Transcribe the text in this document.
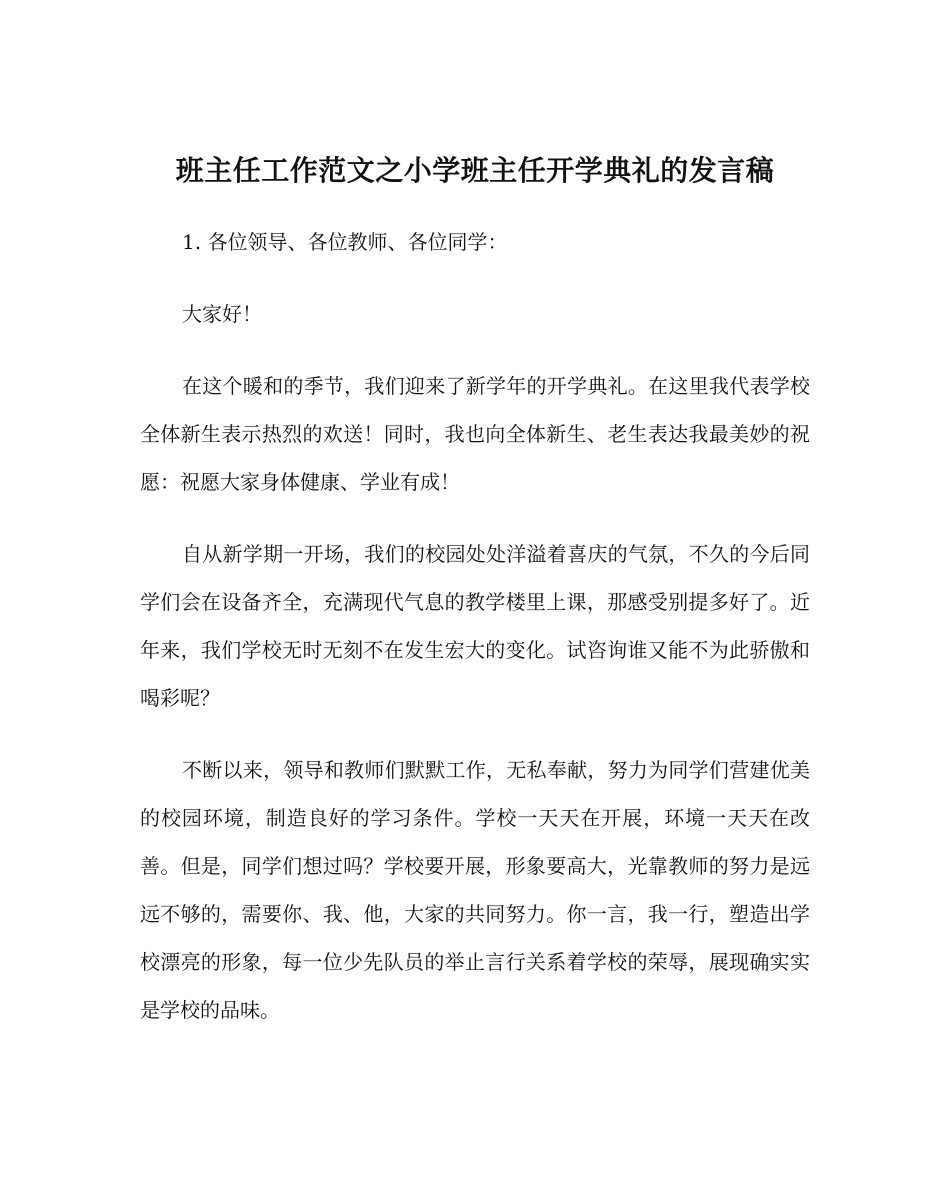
班主任工作范文之小学班主任开学典礼的发言稿

1. 各位领导、各位教师、各位同学：

大家好！

在这个暖和的季节，我们迎来了新学年的开学典礼。在这里我代表学校全体新生表示热烈的欢送！同时，我也向全体新生、老生表达我最美妙的祝愿：祝愿大家身体健康、学业有成！

自从新学期一开场，我们的校园处处洋溢着喜庆的气氛，不久的今后同学们会在设备齐全，充满现代气息的教学楼里上课，那感受别提多好了。近年来，我们学校无时无刻不在发生宏大的变化。试咨询谁又能不为此骄傲和喝彩呢？

不断以来，领导和教师们默默工作，无私奉献，努力为同学们营建优美的校园环境，制造良好的学习条件。学校一天天在开展，环境一天天在改善。但是，同学们想过吗？学校要开展，形象要高大，光靠教师的努力是远远不够的，需要你、我、他，大家的共同努力。你一言，我一行，塑造出学校漂亮的形象，每一位少先队员的举止言行关系着学校的荣辱，展现确实实是学校的品味。
